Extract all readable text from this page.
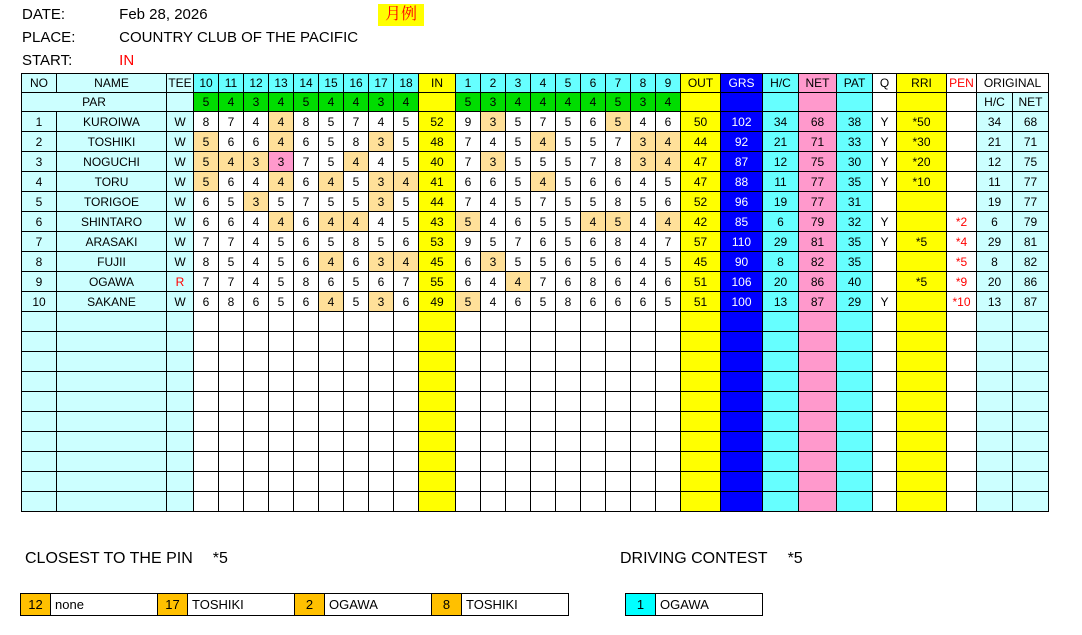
DATE:	Feb 28, 2026	月例
PLACE:	COUNTRY CLUB OF THE PACIFIC
START:	IN
NO	NAME	TEE	10	11	12	13	14	15	16	17	18	IN	1	2	3	4	5	6	7	8	9	OUT	GRS	H/C	NET	PAT	Q	RRI	PEN	ORIGINAL	
PAR			5	4	3	4	5	4	4	3	4		5	3	4	4	4	4	5	3	4									H/C	NET
1	KUROIWA	W	8	7	4	4	8	5	7	4	5	52	9	3	5	7	5	6	5	4	6	50	102	34	68	38	Y	*50		34	68
2	TOSHIKI	W	5	6	6	4	6	5	8	3	5	48	7	4	5	4	5	5	7	3	4	44	92	21	71	33	Y	*30		21	71
3	NOGUCHI	W	5	4	3	3	7	5	4	4	5	40	7	3	5	5	5	7	8	3	4	47	87	12	75	30	Y	*20		12	75
4	TORU	W	5	6	4	4	6	4	5	3	4	41	6	6	5	4	5	6	6	4	5	47	88	11	77	35	Y	*10		11	77
5	TORIGOE	W	6	5	3	5	7	5	5	3	5	44	7	4	5	7	5	5	8	5	6	52	96	19	77	31				19	77
6	SHINTARO	W	6	6	4	4	6	4	4	4	5	43	5	4	6	5	5	4	5	4	4	42	85	6	79	32	Y		*2	6	79
7	ARASAKI	W	7	7	4	5	6	5	8	5	6	53	9	5	7	6	5	6	8	4	7	57	110	29	81	35	Y	*5	*4	29	81
8	FUJII	W	8	5	4	5	6	4	6	3	4	45	6	3	5	5	6	5	6	4	5	45	90	8	82	35			*5	8	82
9	OGAWA	R	7	7	4	5	8	6	5	6	7	55	6	4	4	7	6	8	6	4	6	51	106	20	86	40		*5	*9	20	86
10	SAKANE	W	6	8	6	5	6	4	5	3	6	49	5	4	6	5	8	6	6	6	5	51	100	13	87	29	Y		*10	13	87

CLOSEST TO THE PIN *5	DRIVING CONTEST *5
12 none	17 TOSHIKI	2	OGAWA	8	TOSHIKI	1	OGAWA
